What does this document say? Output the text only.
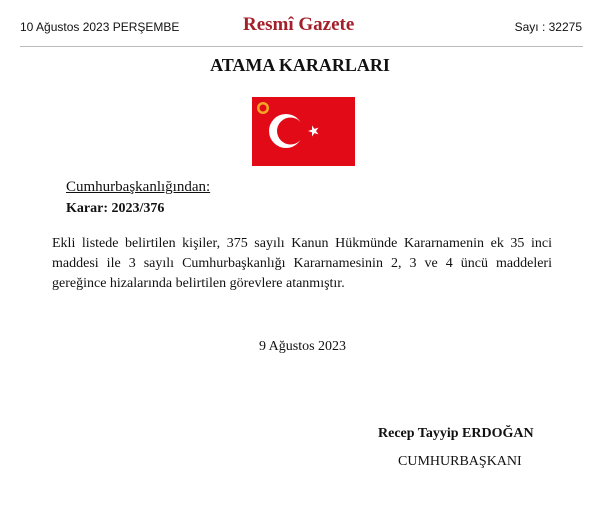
10 Ağustos 2023 PERŞEMBE	Resmî Gazete	Sayı : 32275
ATAMA KARARLARI
Cumhurbaşkanlığından:
Karar: 2023/376
Ekli listede belirtilen kişiler, 375 sayılı Kanun Hükmünde Kararnamenin ek 35 inci maddesi ile 3 sayılı Cumhurbaşkanlığı Kararnamesinin 2, 3 ve 4 üncü maddeleri gereğince hizalarında belirtilen görevlere atanmıştır.
9 Ağustos 2023
Recep Tayyip ERDOĞAN
CUMHURBAŞKANI
